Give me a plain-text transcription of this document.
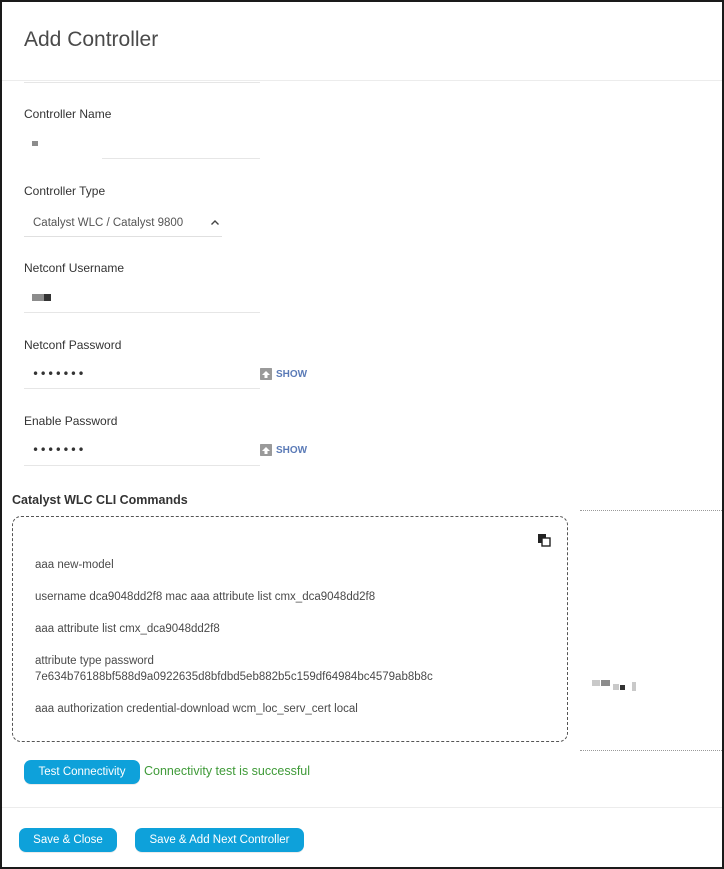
Add Controller
Controller Name
Controller Type
Catalyst WLC / Catalyst 9800
Netconf Username
Netconf Password
•••••••	SHOW
Enable Password
•••••••	SHOW
Catalyst WLC CLI Commands
aaa new-model
username dca9048dd2f8 mac aaa attribute list cmx_dca9048dd2f8
aaa attribute list cmx_dca9048dd2f8
attribute type password
7e634b76188bf588d9a0922635d8bfdbd5eb882b5c159df64984bc4579ab8b8c
aaa authorization credential-download wcm_loc_serv_cert local
Test Connectivity	Connectivity test is successful
Save & Close	Save & Add Next Controller
